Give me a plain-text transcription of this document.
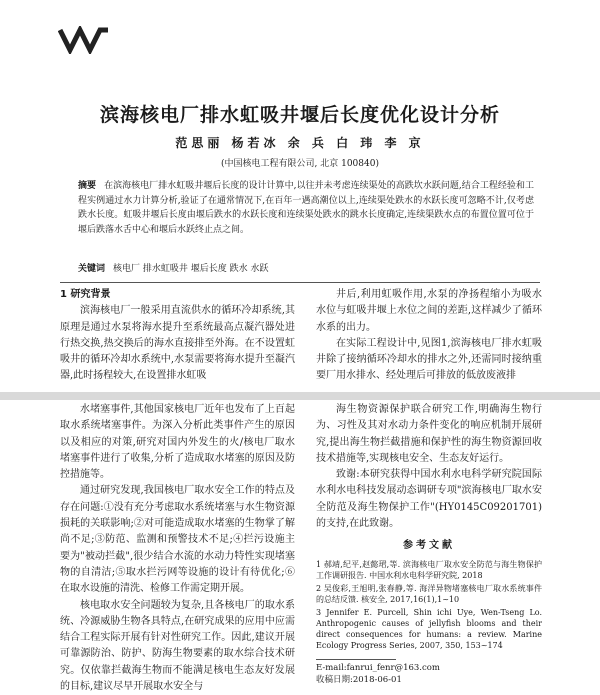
滨海核电厂排水虹吸井堰后长度优化设计分析
范思丽 杨若冰 余 兵 白 玮 李 京
(中国核电工程有限公司, 北京 100840)
摘要 在滨海核电厂排水虹吸井堰后长度的设计计算中,以往并未考虑连续渠处的高跌坎水跃问题,结合工程经验和工程实例通过水力计算分析,验证了在通常情况下,在百年一遇高潮位以上,连续渠处跌水的水跃长度可忽略不计,仅考虑跌水长度。虹吸井堰后长度由堰后跌水的水跃长度和连续渠处跌水的跳水长度确定,连续渠跌水点的布置位置可位于堰后跌落水舌中心和堰后水跃终止点之间。
关键词 核电厂 排水虹吸井 堰后长度 跌水 水跃

1 研究背景

滨海核电厂一般采用直流供水的循环冷却系统,其原理是通过水泵将海水提升至系统最高点凝汽器处进行热交换,热交换后的海水直接排至外海。在不设置虹吸井的循环冷却水系统中,水泵需要将海水提升至凝汽器,此时扬程较大,在设置排水虹吸

井后,利用虹吸作用,水泵的净扬程缩小为吸水水位与虹吸井堰上水位之间的差距,这样减少了循环水系的出力。

在实际工程设计中,见图1,滨海核电厂排水虹吸井除了接纳循环冷却水的排水之外,还需同时接纳重要厂用水排水、经处理后可排放的低放废液排

水堵塞事件,其他国家核电厂近年也发布了上百起取水系统堵塞事件。为深入分析此类事件产生的原因以及相应的对策,研究对国内外发生的火/核电厂取水堵塞事件进行了收集,分析了造成取水堵塞的原因及防控措施等。

通过研究发现,我国核电厂取水安全工作的特点及存在问题:①没有充分考虑取水系统堵塞与水生物资源损耗的关联影响;②对可能造成取水堵塞的生物掌了解尚不足;③防范、监测和预警技术不足;④拦污设施主要为"被动拦截",很少结合水流的水动力特性实现堵塞物的自清洁;⑤取水拦污网等设施的设计有待优化;⑥在取水设施的清洗、检修工作需定期开展。

核电取水安全问题较为复杂,且各核电厂的取水系统、冷源威胁生物各具特点,在研究成果的应用中应需结合工程实际开展有针对性研究工作。因此,建议开展可靠源防治、防护、防海生物要素的取水综合技术研究。仅依靠拦截海生物而不能满足核电生态友好发展的目标,建议尽早开展取水安全与

海生物资源保护联合研究工作,明确海生物行为、习性及其对水动力条件变化的响应机制开展研究,提出海生物拦截措施和保护性的海生物资源回收技术措施等,实现核电安全、生态友好运行。

致谢:本研究获得中国水利水电科学研究院国际水利水电科技发展动态调研专项"滨海核电厂取水安全防范及海生物保护工作"(HY0145C09201701)的支持,在此致谢。

参考文献
1 郝靖,纪平,赵懿珺,等. 滨海核电厂取水安全防范与海生物保护工作调研报告. 中国水利水电科学研究院, 2018
2 吴俊彩,王旭明,张春静,等. 海洋异物堵塞核电厂取水系统事件的总结反馈. 核安全, 2017,16(1),1~10
3 Jennifer E. Purcell, Shin ichi Uye, Wen-Tseng Lo. Anthropogenic causes of jellyfish blooms and their direct consequences for humans: a review. Marine Ecology Progress Series, 2007, 350, 153~174
E-mail:fanrui_fenr@163.com
收稿日期:2018-06-01
